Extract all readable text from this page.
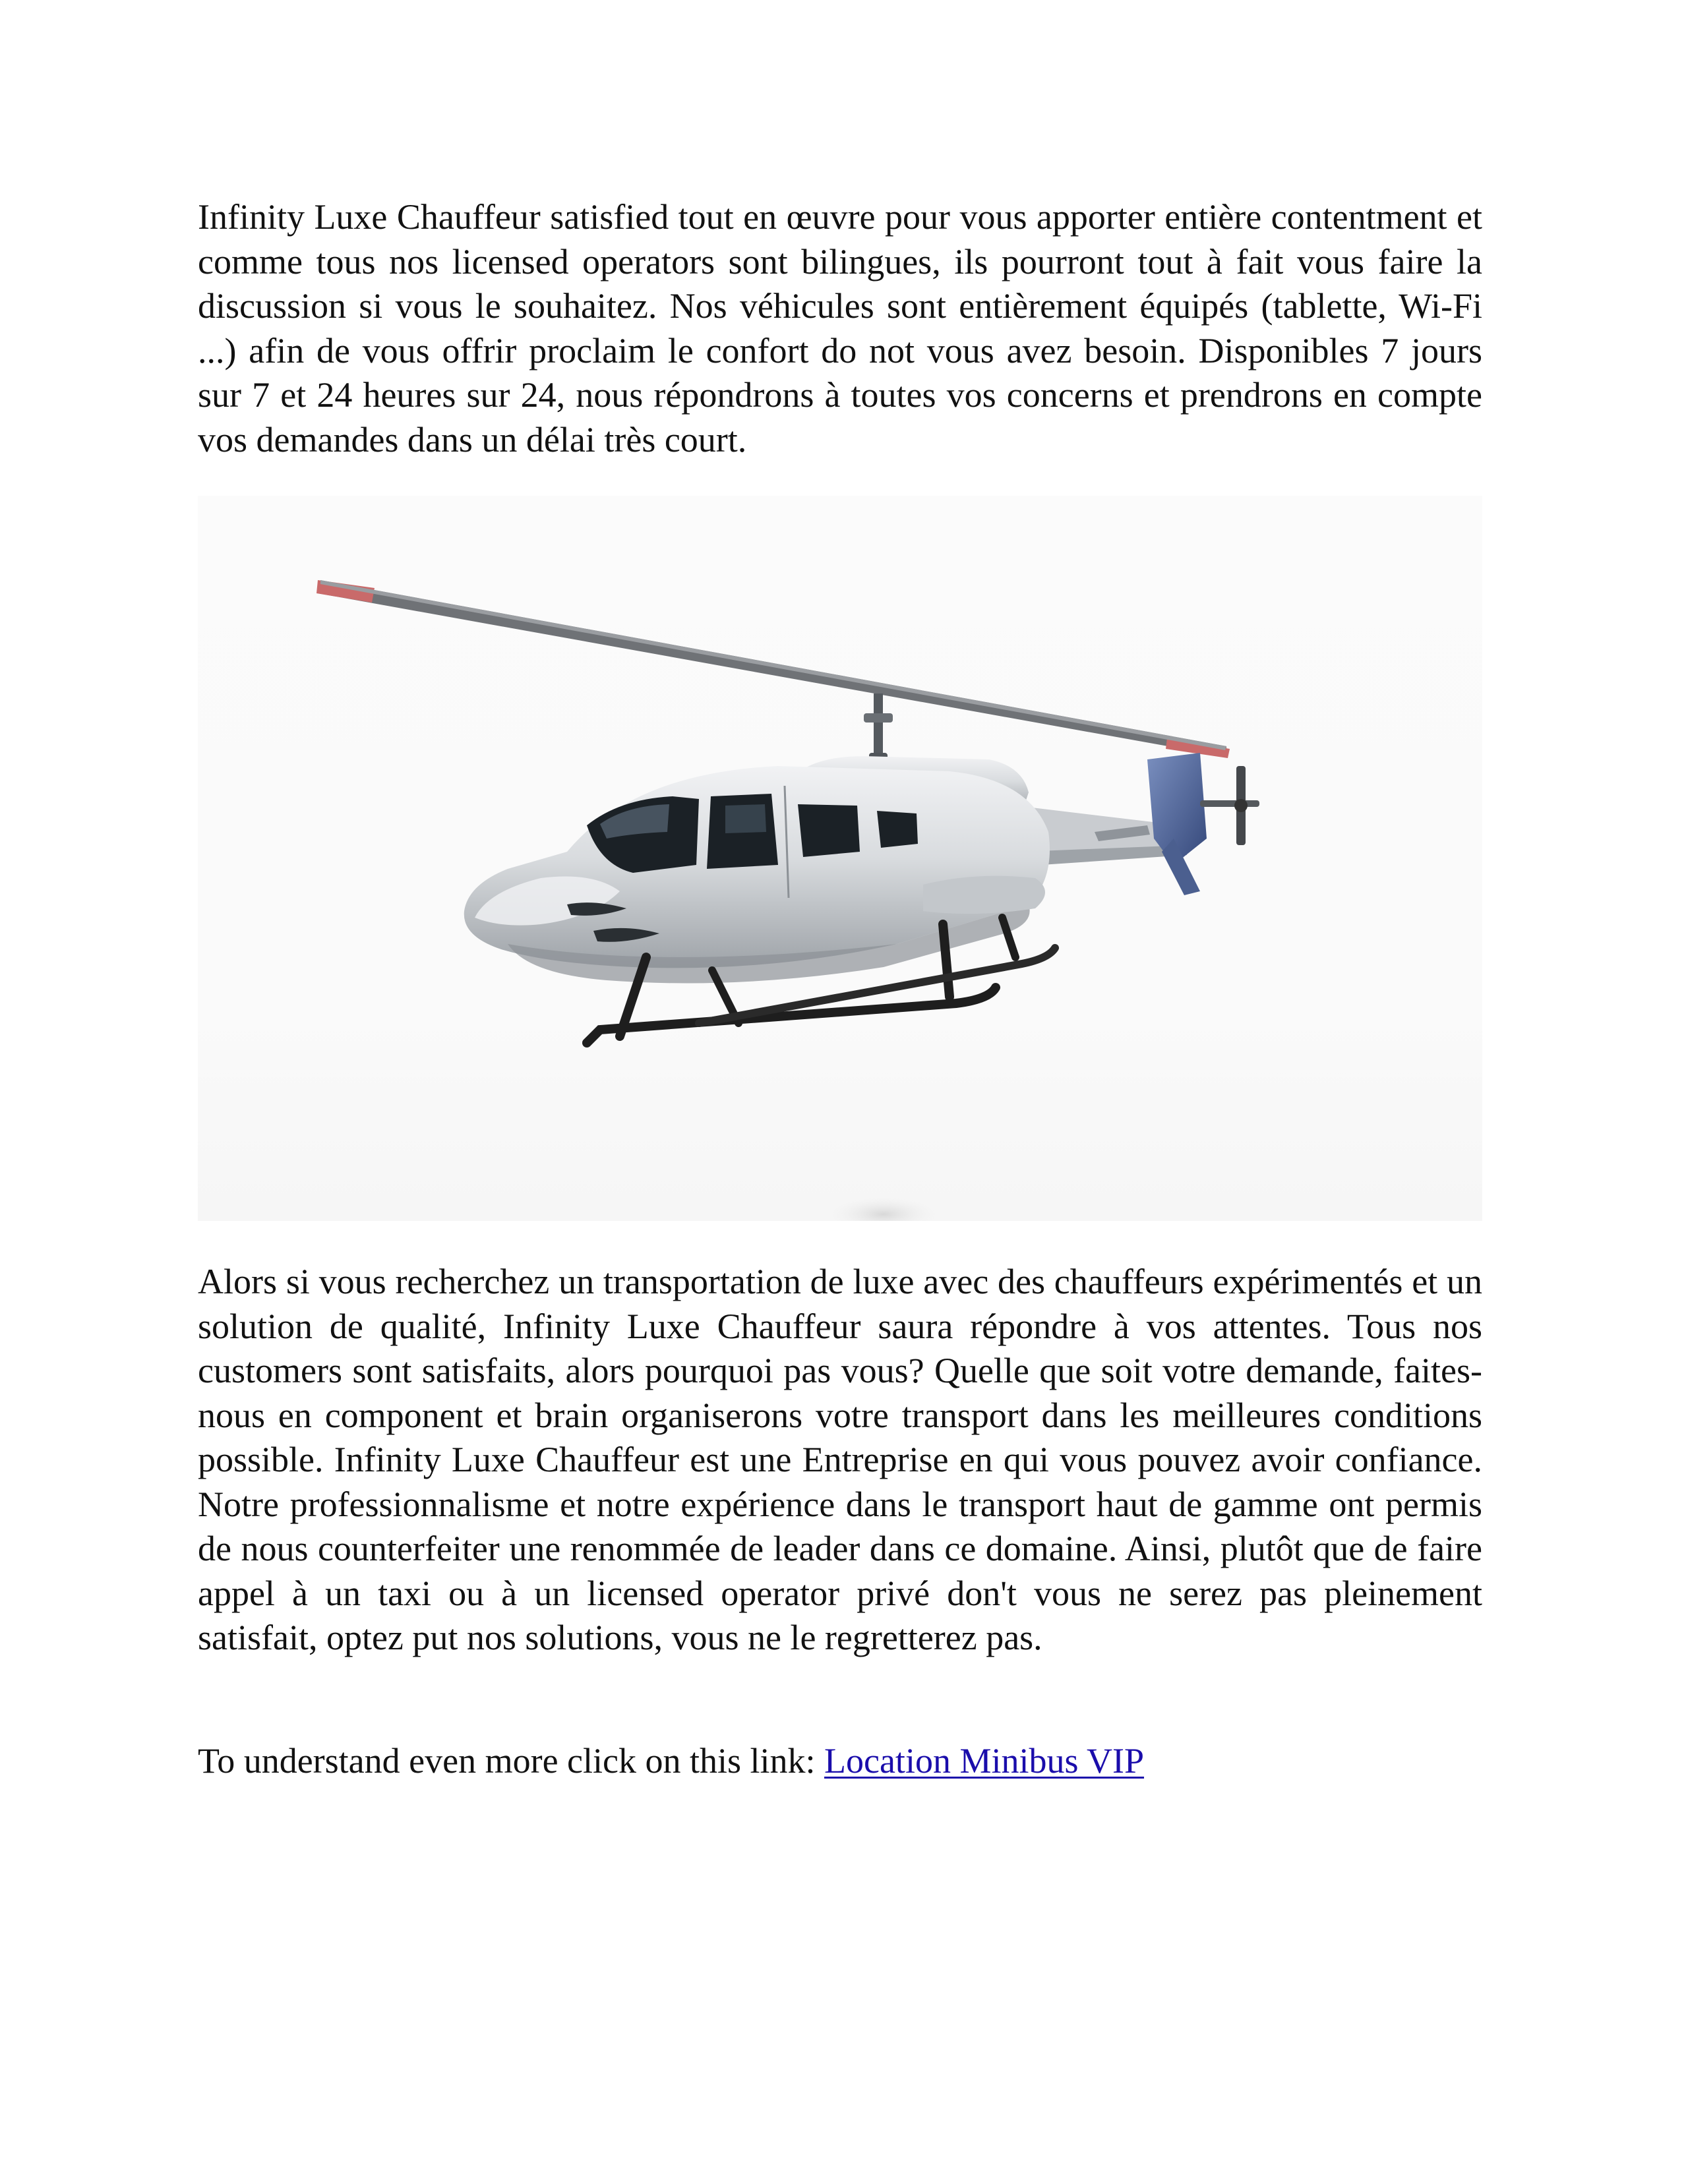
Infinity Luxe Chauffeur satisfied tout en œuvre pour vous apporter entière contentment et comme tous nos licensed operators sont bilingues, ils pourront tout à fait vous faire la discussion si vous le souhaitez. Nos véhicules sont entièrement équipés (tablette, Wi-Fi ...) afin de vous offrir proclaim le confort do not vous avez besoin. Disponibles 7 jours sur 7 et 24 heures sur 24, nous répondrons à toutes vos concerns et prendrons en compte vos demandes dans un délai très court.

Alors si vous recherchez un transportation de luxe avec des chauffeurs expérimentés et un solution de qualité, Infinity Luxe Chauffeur saura répondre à vos attentes. Tous nos customers sont satisfaits, alors pourquoi pas vous? Quelle que soit votre demande, faites-nous en component et brain organiserons votre transport dans les meilleures conditions possible. Infinity Luxe Chauffeur est une Entreprise en qui vous pouvez avoir confiance. Notre professionnalisme et notre expérience dans le transport haut de gamme ont permis de nous counterfeiter une renommée de leader dans ce domaine. Ainsi, plutôt que de faire appel à un taxi ou à un licensed operator privé don't vous ne serez pas pleinement satisfait, optez put nos solutions, vous ne le regretterez pas.

To understand even more click on this link: Location Minibus VIP
